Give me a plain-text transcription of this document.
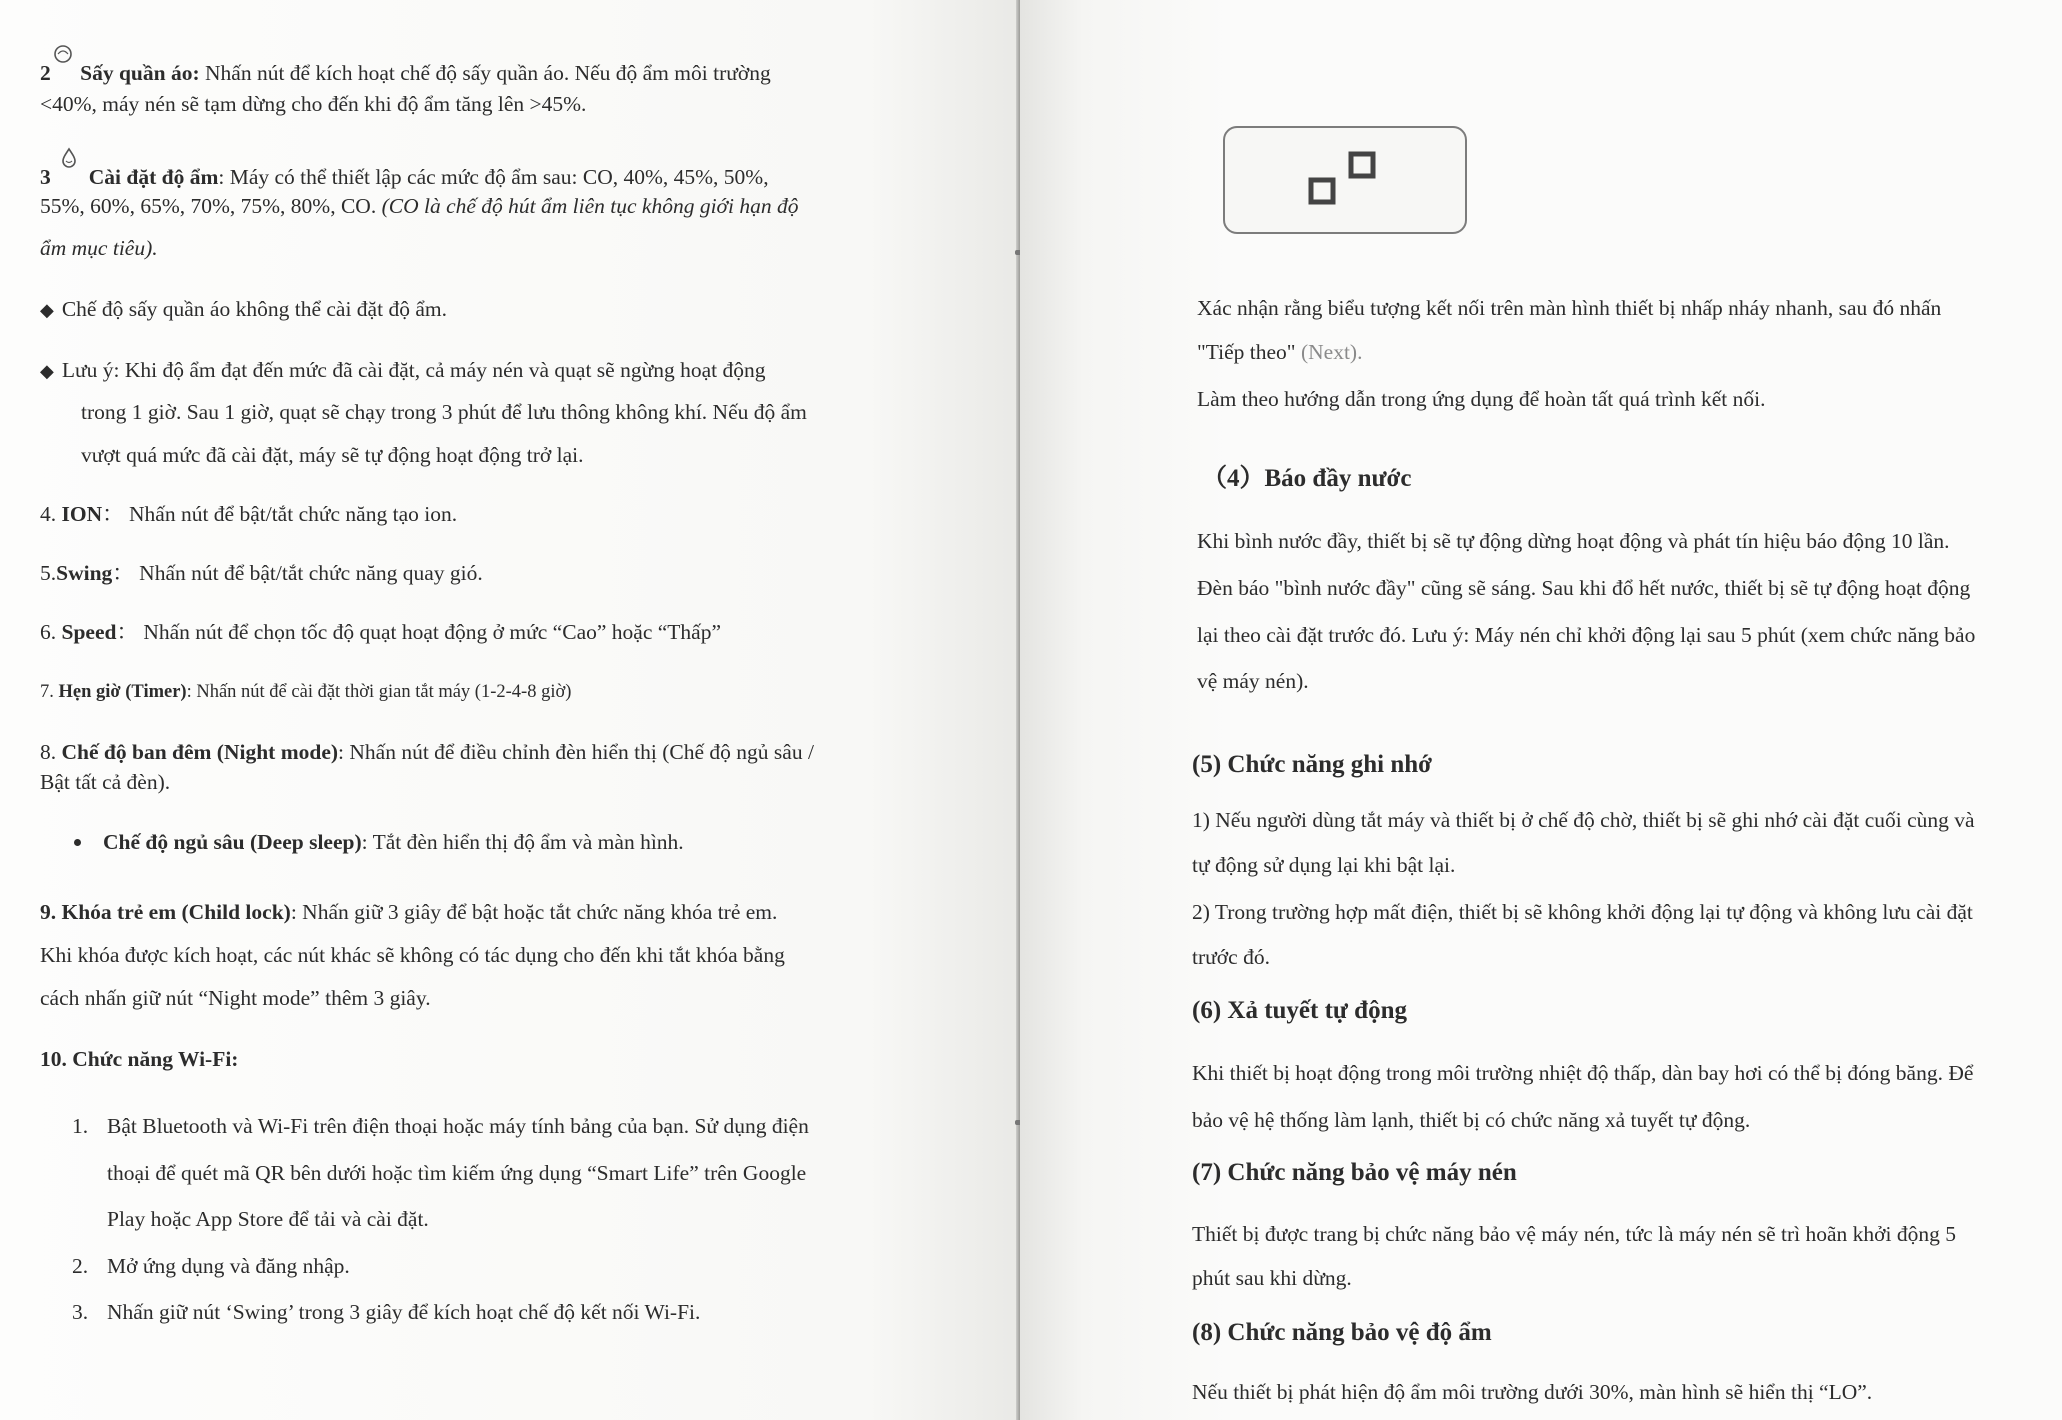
2 Sấy quần áo: Nhấn nút để kích hoạt chế độ sấy quần áo. Nếu độ ẩm môi trường
<40%, máy nén sẽ tạm dừng cho đến khi độ ẩm tăng lên >45%.
3 Cài đặt độ ẩm: Máy có thể thiết lập các mức độ ẩm sau: CO, 40%, 45%, 50%,
55%, 60%, 65%, 70%, 75%, 80%, CO. (CO là chế độ hút ẩm liên tục không giới hạn độ
ẩm mục tiêu).
◆ Chế độ sấy quần áo không thể cài đặt độ ẩm.
◆ Lưu ý: Khi độ ẩm đạt đến mức đã cài đặt, cả máy nén và quạt sẽ ngừng hoạt động
trong 1 giờ. Sau 1 giờ, quạt sẽ chạy trong 3 phút để lưu thông không khí. Nếu độ ẩm
vượt quá mức đã cài đặt, máy sẽ tự động hoạt động trở lại.
4. ION： Nhấn nút để bật/tắt chức năng tạo ion.
5.Swing： Nhấn nút để bật/tắt chức năng quay gió.
6. Speed： Nhấn nút để chọn tốc độ quạt hoạt động ở mức “Cao” hoặc “Thấp”
7. Hẹn giờ (Timer): Nhấn nút để cài đặt thời gian tắt máy (1-2-4-8 giờ)
8. Chế độ ban đêm (Night mode): Nhấn nút để điều chỉnh đèn hiển thị (Chế độ ngủ sâu /
Bật tất cả đèn).
Chế độ ngủ sâu (Deep sleep): Tắt đèn hiển thị độ ẩm và màn hình.
9. Khóa trẻ em (Child lock): Nhấn giữ 3 giây để bật hoặc tắt chức năng khóa trẻ em.
Khi khóa được kích hoạt, các nút khác sẽ không có tác dụng cho đến khi tắt khóa bằng
cách nhấn giữ nút “Night mode” thêm 3 giây.
10. Chức năng Wi-Fi:
1. Bật Bluetooth và Wi-Fi trên điện thoại hoặc máy tính bảng của bạn. Sử dụng điện
thoại để quét mã QR bên dưới hoặc tìm kiếm ứng dụng “Smart Life” trên Google
Play hoặc App Store để tải và cài đặt.
2. Mở ứng dụng và đăng nhập.
3. Nhấn giữ nút ‘Swing’ trong 3 giây để kích hoạt chế độ kết nối Wi-Fi.
Xác nhận rằng biểu tượng kết nối trên màn hình thiết bị nhấp nháy nhanh, sau đó nhấn
"Tiếp theo" (Next).
Làm theo hướng dẫn trong ứng dụng để hoàn tất quá trình kết nối.
（4）Báo đầy nước
Khi bình nước đầy, thiết bị sẽ tự động dừng hoạt động và phát tín hiệu báo động 10 lần.
Đèn báo "bình nước đầy" cũng sẽ sáng. Sau khi đổ hết nước, thiết bị sẽ tự động hoạt động
lại theo cài đặt trước đó. Lưu ý: Máy nén chỉ khởi động lại sau 5 phút (xem chức năng bảo
vệ máy nén).
(5) Chức năng ghi nhớ
1) Nếu người dùng tắt máy và thiết bị ở chế độ chờ, thiết bị sẽ ghi nhớ cài đặt cuối cùng và
tự động sử dụng lại khi bật lại.
2) Trong trường hợp mất điện, thiết bị sẽ không khởi động lại tự động và không lưu cài đặt
trước đó.
(6) Xả tuyết tự động
Khi thiết bị hoạt động trong môi trường nhiệt độ thấp, dàn bay hơi có thể bị đóng băng. Để
bảo vệ hệ thống làm lạnh, thiết bị có chức năng xả tuyết tự động.
(7) Chức năng bảo vệ máy nén
Thiết bị được trang bị chức năng bảo vệ máy nén, tức là máy nén sẽ trì hoãn khởi động 5
phút sau khi dừng.
(8) Chức năng bảo vệ độ ẩm
Nếu thiết bị phát hiện độ ẩm môi trường dưới 30%, màn hình sẽ hiển thị “LO”.
